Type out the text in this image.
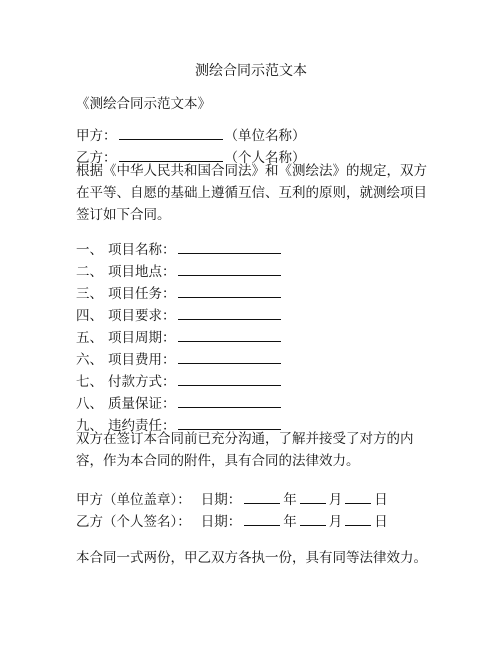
测绘合同示范文本
《测绘合同示范文本》
甲方：	（单位名称）
乙方：	（个人名称）
根据《中华人民共和国合同法》和《测绘法》的规定，双方在平等、自愿的基础上遵循互信、互利的原则，就测绘项目签订如下合同。
一、 项目名称：
二、 项目地点：
三、 项目任务：
四、 项目要求：
五、 项目周期：
六、 项目费用：
七、 付款方式：
八、 质量保证：
九、 违约责任：
双方在签订本合同前已充分沟通，了解并接受了对方的内容，作为本合同的附件，具有合同的法律效力。
甲方（单位盖章）： 日期：	年 月 日
乙方（个人签名）： 日期：	年 月 日
本合同一式两份，甲乙双方各执一份，具有同等法律效力。
